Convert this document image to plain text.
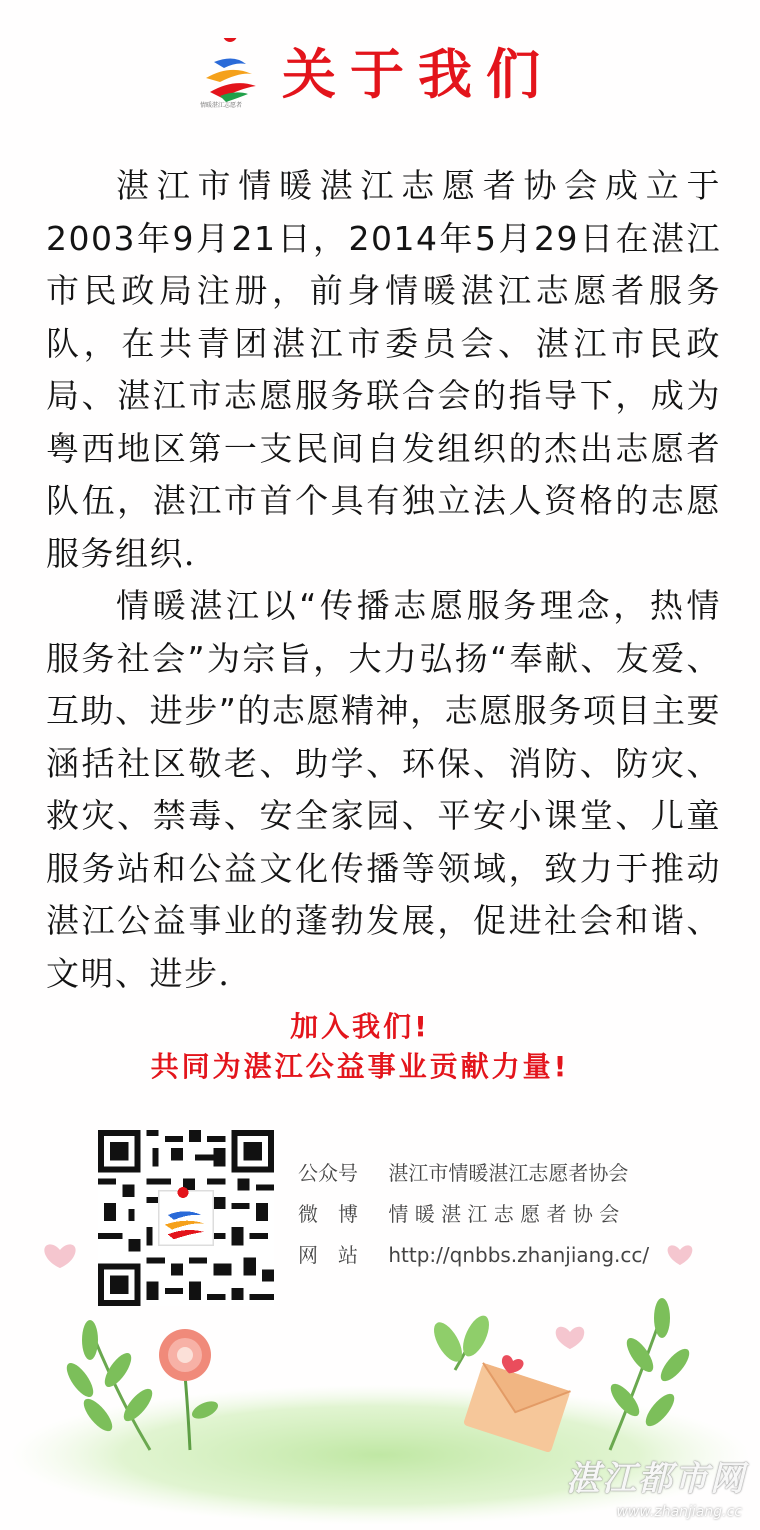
情暖湛江志愿者 关于我们

湛江市情暖湛江志愿者协会成立于2003年9月21日，2014年5月29日在湛江市民政局注册，前身情暖湛江志愿者服务队，在共青团湛江市委员会、湛江市民政局、湛江市志愿服务联合会的指导下，成为粤西地区第一支民间自发组织的杰出志愿者队伍，湛江市首个具有独立法人资格的志愿服务组织．

情暖湛江以“传播志愿服务理念，热情服务社会”为宗旨，大力弘扬“奉献、友爱、互助、进步”的志愿精神，志愿服务项目主要涵括社区敬老、助学、环保、消防、防灾、救灾、禁毒、安全家园、平安小课堂、儿童服务站和公益文化传播等领域，致力于推动湛江公益事业的蓬勃发展，促进社会和谐、文明、进步．

加入我们!
共同为湛江公益事业贡献力量!
公众号 湛江市情暖湛江志愿者协会
微　博 情 暖 湛 江 志 愿 者 协 会
网　站 http://qnbbs.zhanjiang.cc/
湛江都市网
www.zhanjiang.cc
